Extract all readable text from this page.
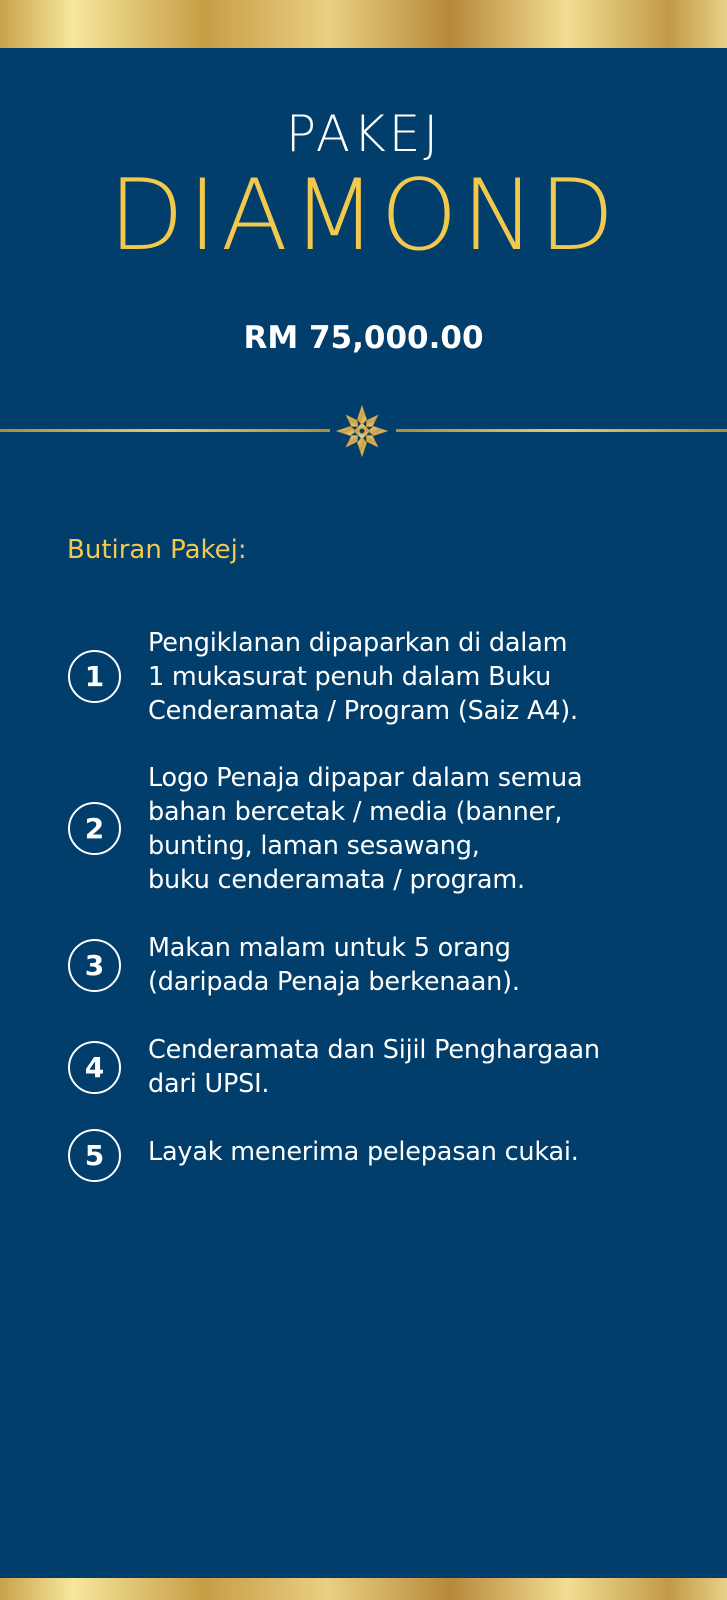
PAKEJ
DIAMOND
RM 75,000.00
Butiran Pakej:
1
Pengiklanan dipaparkan di dalam
1 mukasurat penuh dalam Buku
Cenderamata / Program (Saiz A4).
2
Logo Penaja dipapar dalam semua
bahan bercetak / media (banner,
bunting, laman sesawang,
buku cenderamata / program.
3
Makan malam untuk 5 orang
(daripada Penaja berkenaan).
4
Cenderamata dan Sijil Penghargaan
dari UPSI.
5	Layak menerima pelepasan cukai.
